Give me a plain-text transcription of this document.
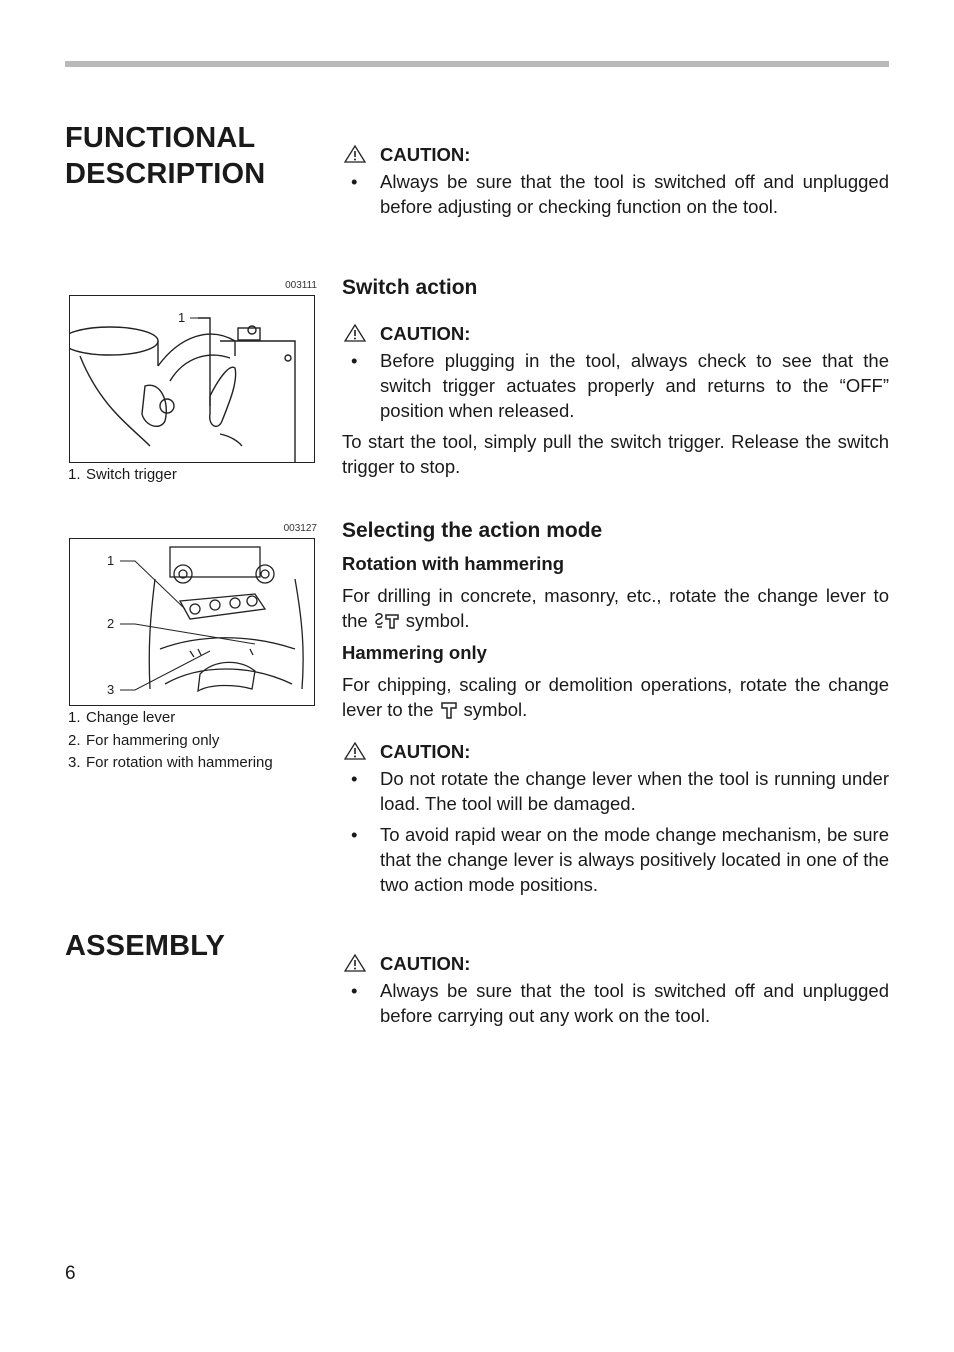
FUNCTIONAL DESCRIPTION
003111
1
1. Switch trigger
003127
1
2
3
1. Change lever
2. For hammering only
3. For rotation with hammering
ASSEMBLY

CAUTION:

• Always be sure that the tool is switched off and unplugged before adjusting or checking function on the tool.

Switch action

CAUTION:

• Before plugging in the tool, always check to see that the switch trigger actuates properly and returns to the “OFF” position when released.

To start the tool, simply pull the switch trigger. Release the switch trigger to stop.

Selecting the action mode

Rotation with hammering

For drilling in concrete, masonry, etc., rotate the change lever to the symbol.

Hammering only

For chipping, scaling or demolition operations, rotate the change lever to the symbol.

CAUTION:

• Do not rotate the change lever when the tool is running under load. The tool will be damaged.
• To avoid rapid wear on the mode change mechanism, be sure that the change lever is always positively located in one of the two action mode positions.

CAUTION:

• Always be sure that the tool is switched off and unplugged before carrying out any work on the tool.
6
